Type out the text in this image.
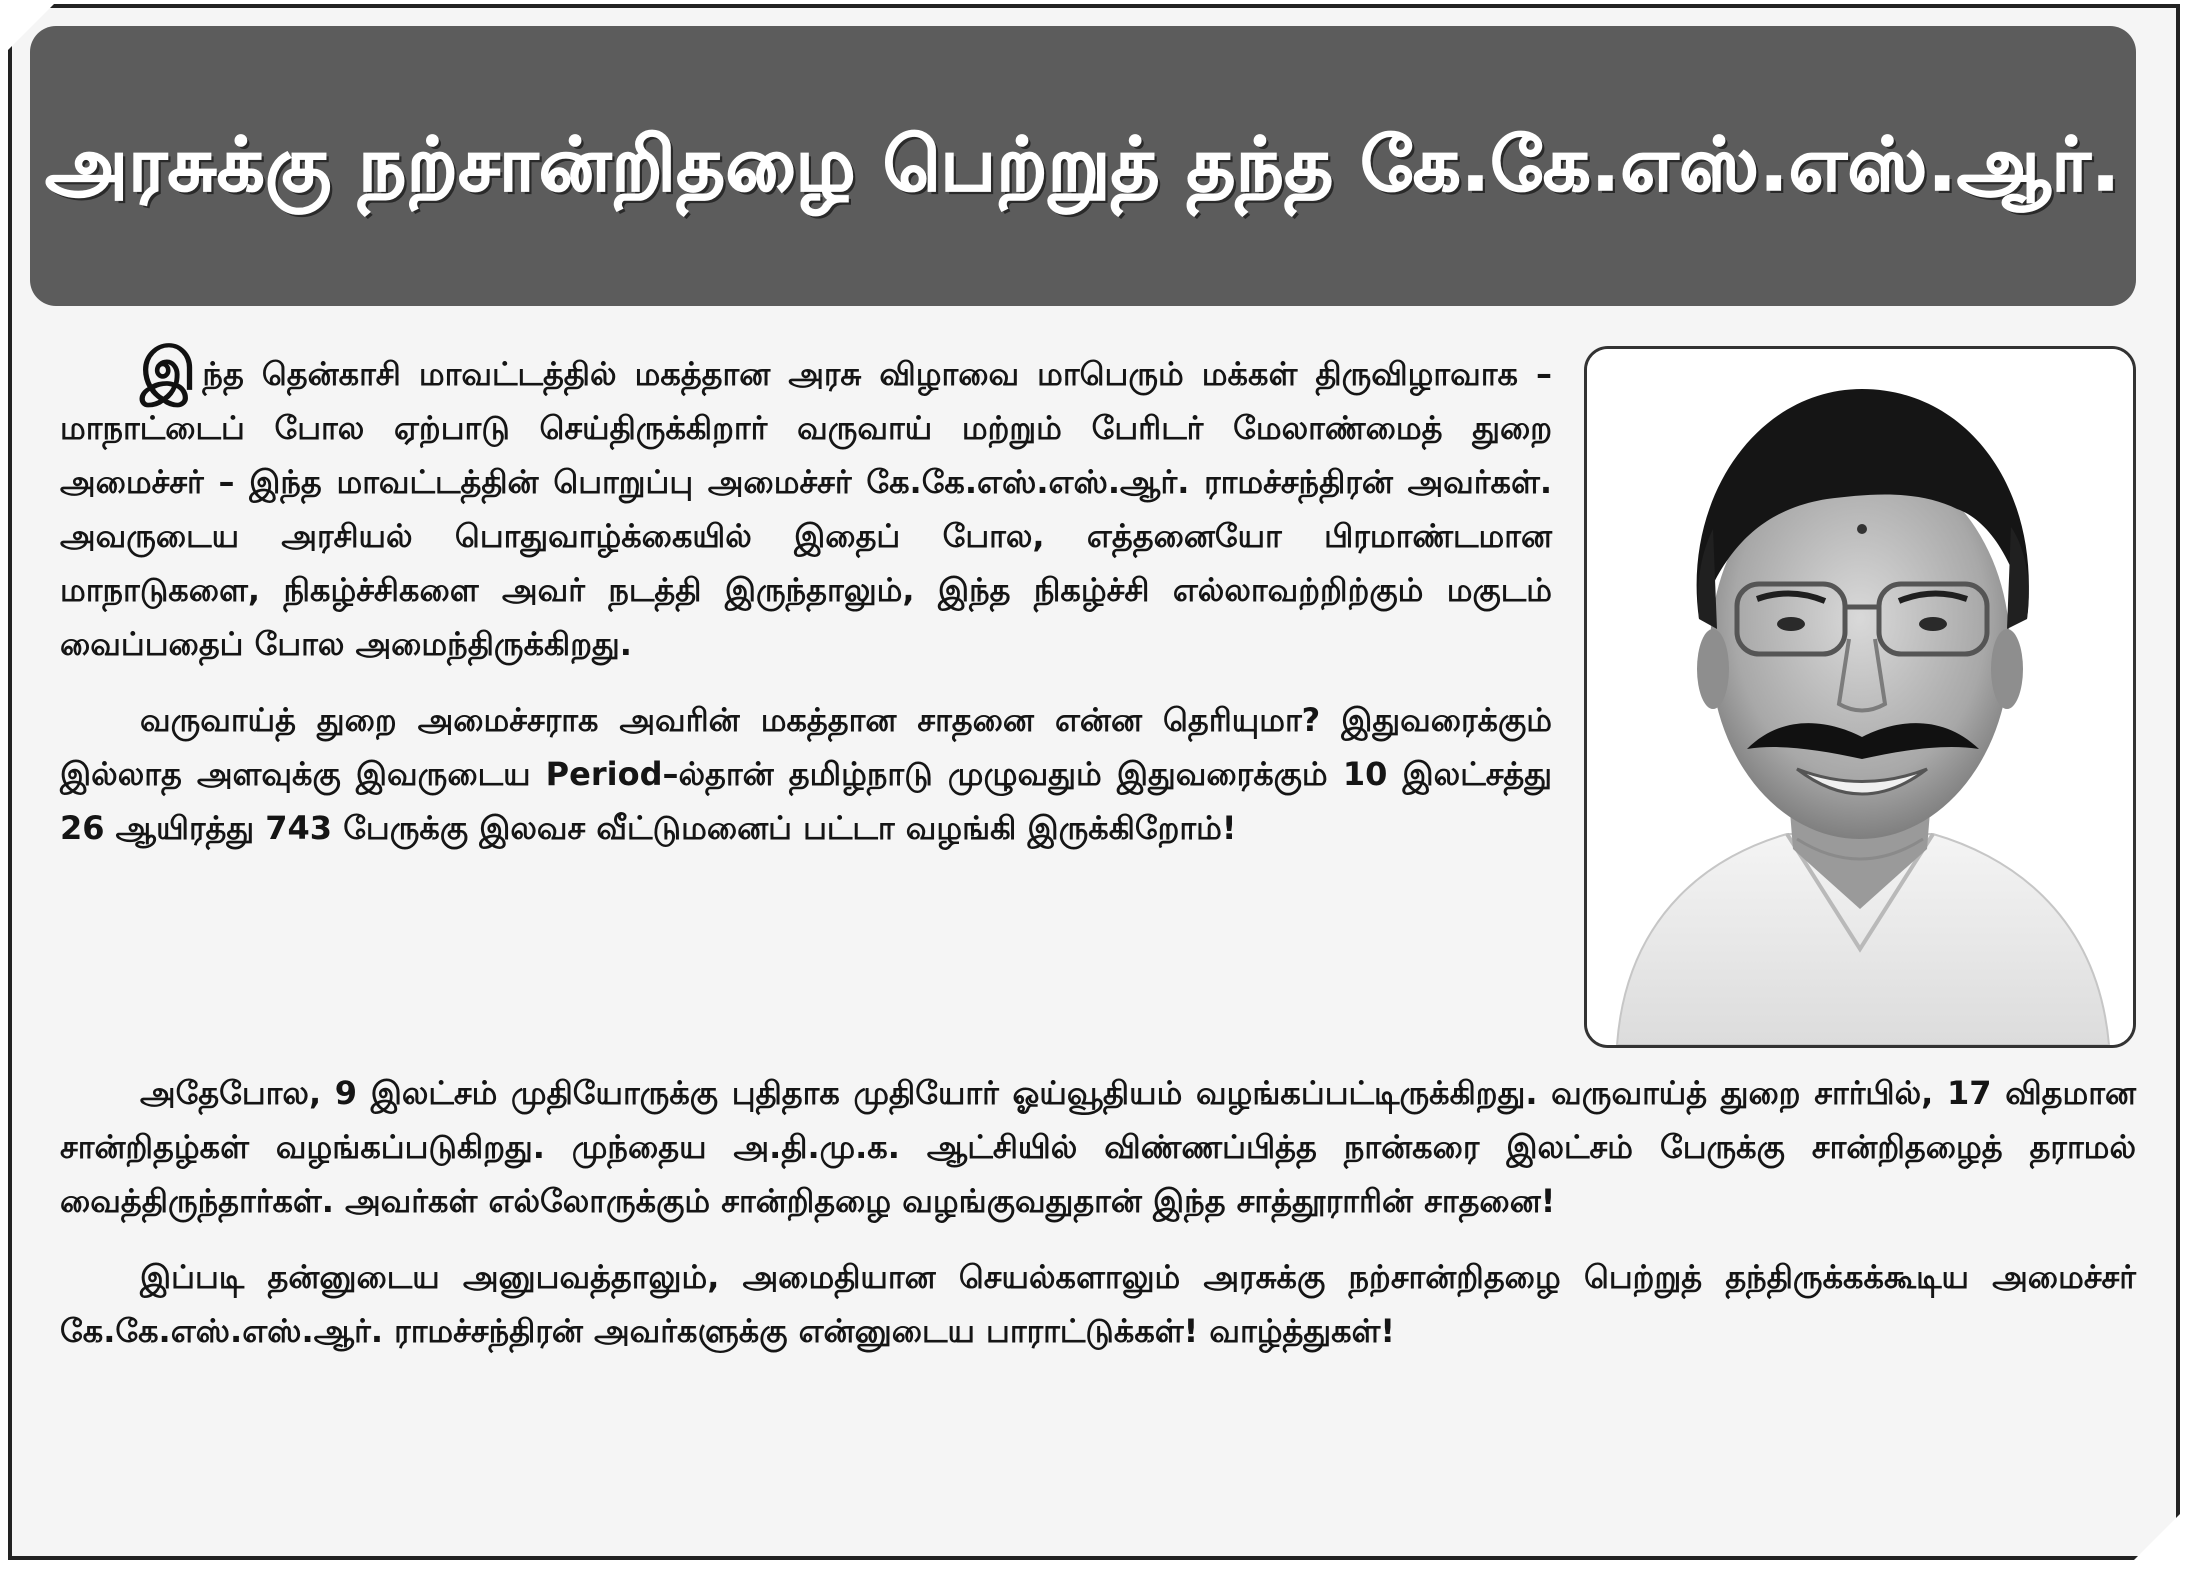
அரசுக்கு நற்சான்றிதழை பெற்றுத் தந்த கே.கே.எஸ்.எஸ்.ஆர்.

இந்த தென்காசி மாவட்டத்தில் மகத்தான அரசு விழாவை மாபெரும் மக்கள் திருவிழாவாக – மாநாட்டைப் போல ஏற்பாடு செய்திருக்கிறார் வருவாய் மற்றும் பேரிடர் மேலாண்மைத் துறை அமைச்சர் – இந்த மாவட்டத்தின் பொறுப்பு அமைச்சர் கே.கே.எஸ்.எஸ்.ஆர். ராமச்சந்திரன் அவர்கள். அவருடைய அரசியல் பொதுவாழ்க்கையில் இதைப் போல, எத்தனையோ பிரமாண்டமான மாநாடுகளை, நிகழ்ச்சிகளை அவர் நடத்தி இருந்தாலும், இந்த நிகழ்ச்சி எல்லாவற்றிற்கும் மகுடம் வைப்பதைப் போல அமைந்திருக்கிறது.

வருவாய்த் துறை அமைச்சராக அவரின் மகத்தான சாதனை என்ன தெரியுமா? இதுவரைக்கும் இல்லாத அளவுக்கு இவருடைய Period–ல்தான் தமிழ்நாடு முழுவதும் இதுவரைக்கும் 10 இலட்சத்து 26 ஆயிரத்து 743 பேருக்கு இலவச வீட்டுமனைப் பட்டா வழங்கி இருக்கிறோம்!

அதேபோல, 9 இலட்சம் முதியோருக்கு புதிதாக முதியோர் ஓய்வூதியம் வழங்கப்பட்டிருக்கிறது. வருவாய்த் துறை சார்பில், 17 விதமான சான்றிதழ்கள் வழங்கப்படுகிறது. முந்தைய அ.தி.மு.க. ஆட்சியில் விண்ணப்பித்த நான்கரை இலட்சம் பேருக்கு சான்றிதழைத் தராமல் வைத்திருந்தார்கள். அவர்கள் எல்லோருக்கும் சான்றிதழை வழங்குவதுதான் இந்த சாத்தூராரின் சாதனை!

இப்படி தன்னுடைய அனுபவத்தாலும், அமைதியான செயல்களாலும் அரசுக்கு நற்சான்றிதழை பெற்றுத் தந்திருக்கக்கூடிய அமைச்சர் கே.கே.எஸ்.எஸ்.ஆர். ராமச்சந்திரன் அவர்களுக்கு என்னுடைய பாராட்டுக்கள்! வாழ்த்துகள்!
